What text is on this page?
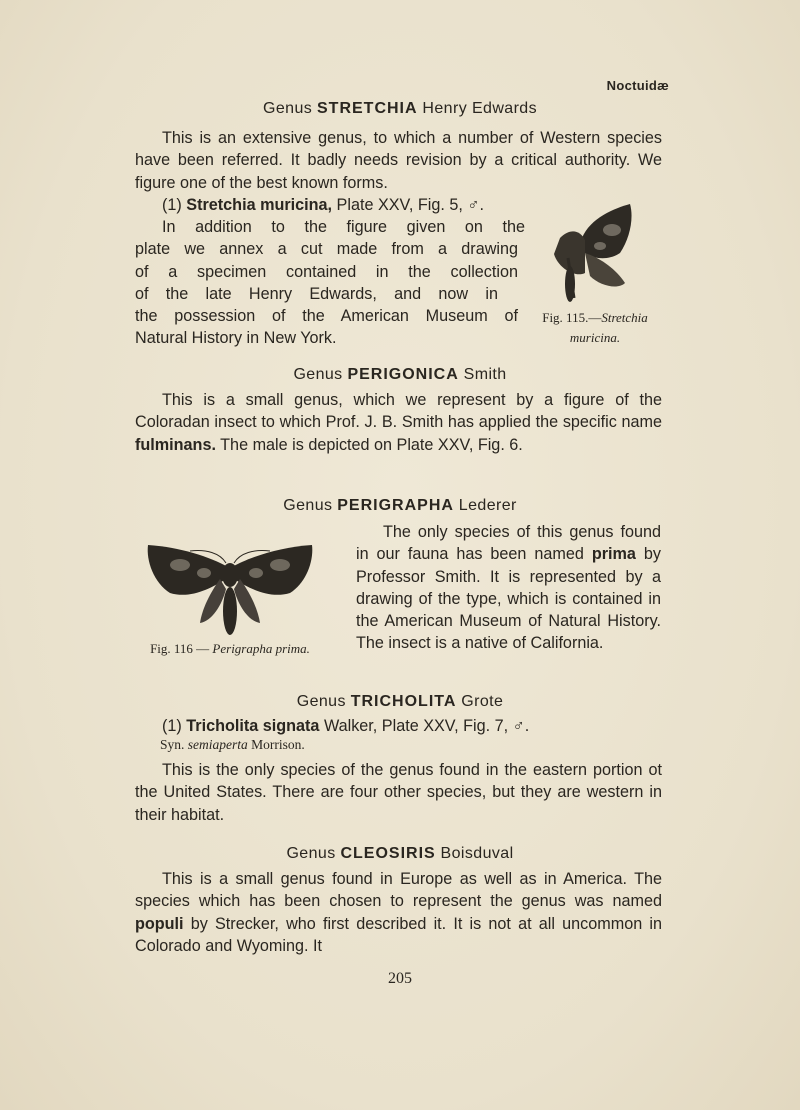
Noctuidæ
Genus STRETCHIA Henry Edwards
This is an extensive genus, to which a number of Western species have been referred. It badly needs revision by a critical authority. We figure one of the best known forms.
(1) Stretchia muricina, Plate XXV, Fig. 5, ♂.
In addition to the figure given on the
plate we annex a cut made from a drawing
of a specimen contained in the collection
of the late Henry Edwards, and now in
the possession of the American Museum of
Natural History in New York.
Fig. 115.—Stretchia muricina.
Genus PERIGONICA Smith
This is a small genus, which we represent by a figure of the Coloradan insect to which Prof. J. B. Smith has applied the specific name fulminans. The male is depicted on Plate XXV, Fig. 6.
Genus PERIGRAPHA Lederer
Fig. 116 — Perigrapha prima.
The only species of this genus found in our fauna has been named prima by Professor Smith. It is represented by a drawing of the type, which is contained in the American Museum of Natural History. The insect is a native of California.
Genus TRICHOLITA Grote
(1) Tricholita signata Walker, Plate XXV, Fig. 7, ♂.
Syn. semiaperta Morrison.
This is the only species of the genus found in the eastern portion ot the United States. There are four other species, but they are western in their habitat.
Genus CLEOSIRIS Boisduval
This is a small genus found in Europe as well as in America. The species which has been chosen to represent the genus was named populi by Strecker, who first described it. It is not at all uncommon in Colorado and Wyoming. It
205
